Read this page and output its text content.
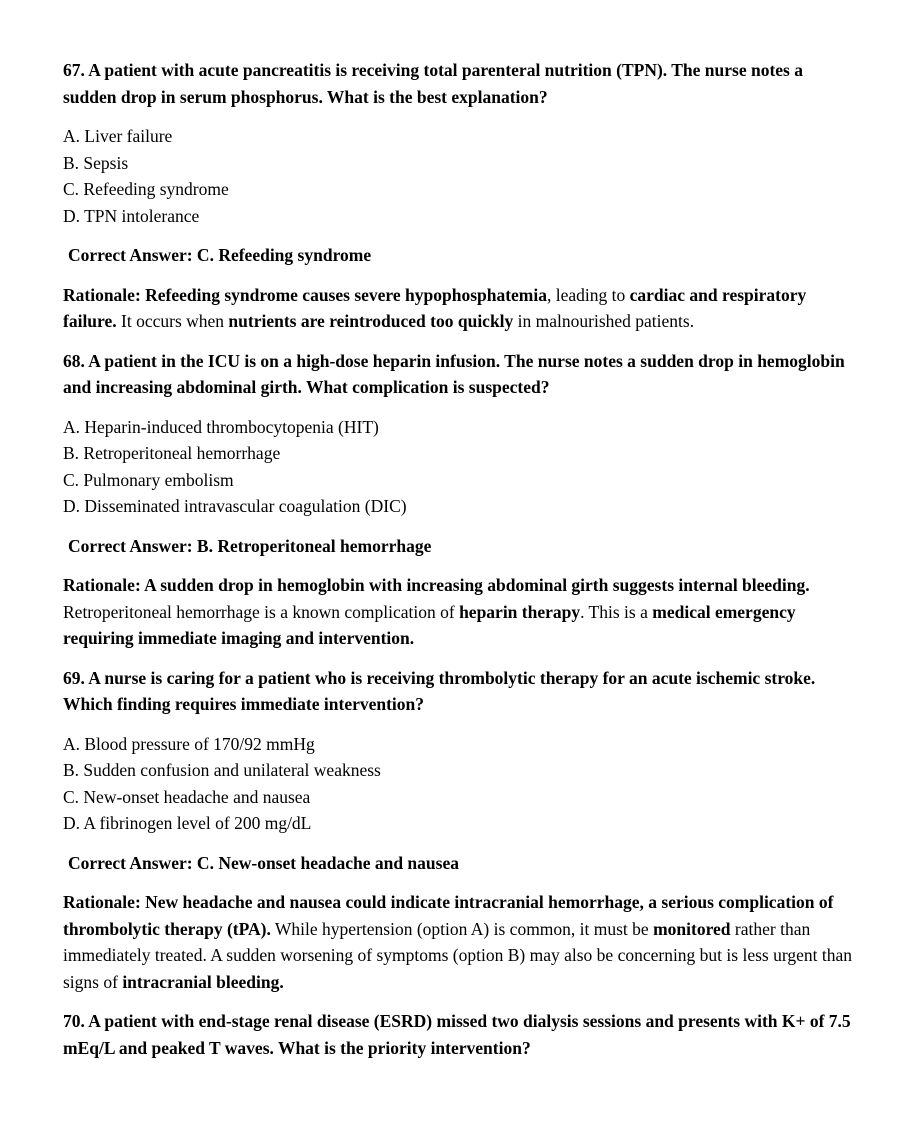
67. A patient with acute pancreatitis is receiving total parenteral nutrition (TPN). The nurse notes a sudden drop in serum phosphorus. What is the best explanation?

A. Liver failure
B. Sepsis
C. Refeeding syndrome
D. TPN intolerance

Correct Answer: C. Refeeding syndrome

Rationale: Refeeding syndrome causes severe hypophosphatemia, leading to cardiac and respiratory failure. It occurs when nutrients are reintroduced too quickly in malnourished patients.

68. A patient in the ICU is on a high-dose heparin infusion. The nurse notes a sudden drop in hemoglobin and increasing abdominal girth. What complication is suspected?

A. Heparin-induced thrombocytopenia (HIT)
B. Retroperitoneal hemorrhage
C. Pulmonary embolism
D. Disseminated intravascular coagulation (DIC)

Correct Answer: B. Retroperitoneal hemorrhage

Rationale: A sudden drop in hemoglobin with increasing abdominal girth suggests internal bleeding. Retroperitoneal hemorrhage is a known complication of heparin therapy. This is a medical emergency requiring immediate imaging and intervention.

69. A nurse is caring for a patient who is receiving thrombolytic therapy for an acute ischemic stroke. Which finding requires immediate intervention?

A. Blood pressure of 170/92 mmHg
B. Sudden confusion and unilateral weakness
C. New-onset headache and nausea
D. A fibrinogen level of 200 mg/dL

Correct Answer: C. New-onset headache and nausea

Rationale: New headache and nausea could indicate intracranial hemorrhage, a serious complication of thrombolytic therapy (tPA). While hypertension (option A) is common, it must be monitored rather than immediately treated. A sudden worsening of symptoms (option B) may also be concerning but is less urgent than signs of intracranial bleeding.

70. A patient with end-stage renal disease (ESRD) missed two dialysis sessions and presents with K+ of 7.5 mEq/L and peaked T waves. What is the priority intervention?
